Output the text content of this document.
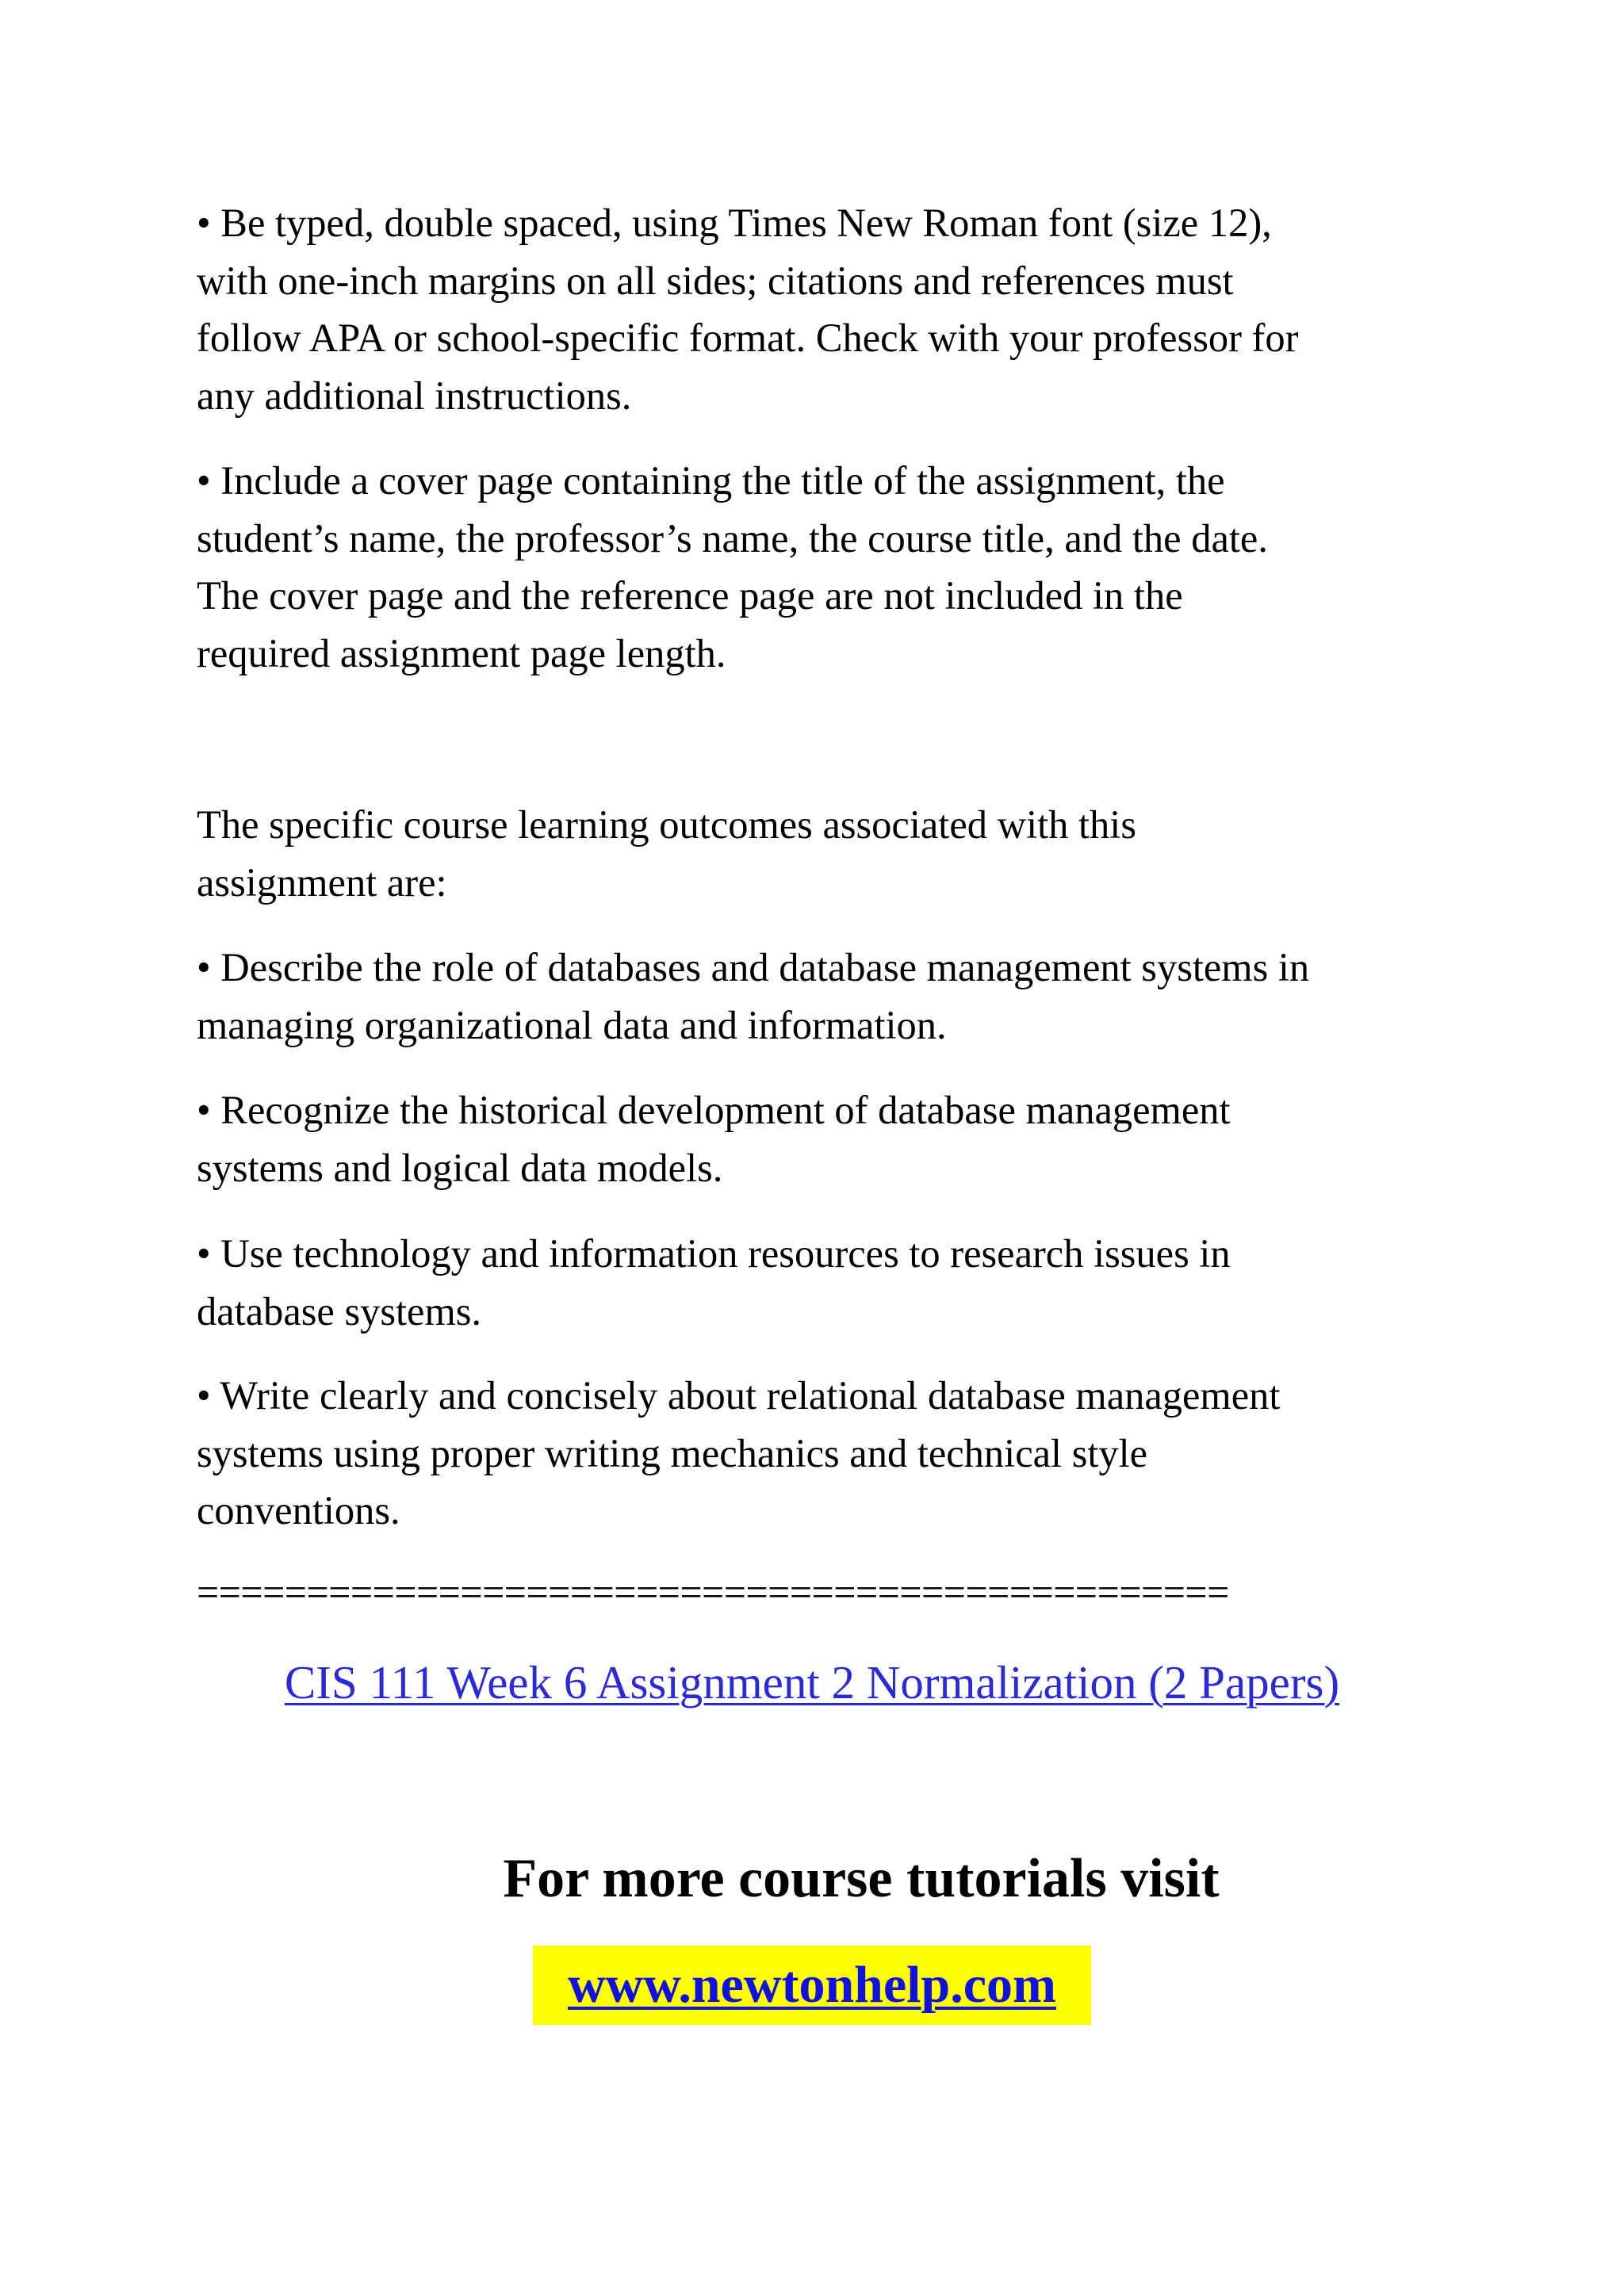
• Be typed, double spaced, using Times New Roman font (size 12),
with one-inch margins on all sides; citations and references must
follow APA or school-specific format. Check with your professor for
any additional instructions.
• Include a cover page containing the title of the assignment, the
student’s name, the professor’s name, the course title, and the date.
The cover page and the reference page are not included in the
required assignment page length.
The specific course learning outcomes associated with this
assignment are:
• Describe the role of databases and database management systems in
managing organizational data and information.
• Recognize the historical development of database management
systems and logical data models.
• Use technology and information resources to research issues in
database systems.
• Write clearly and concisely about relational database management
systems using proper writing mechanics and technical style
conventions.
===============================================
CIS 111 Week 6 Assignment 2 Normalization (2 Papers)
For more course tutorials visit
www.newtonhelp.com
